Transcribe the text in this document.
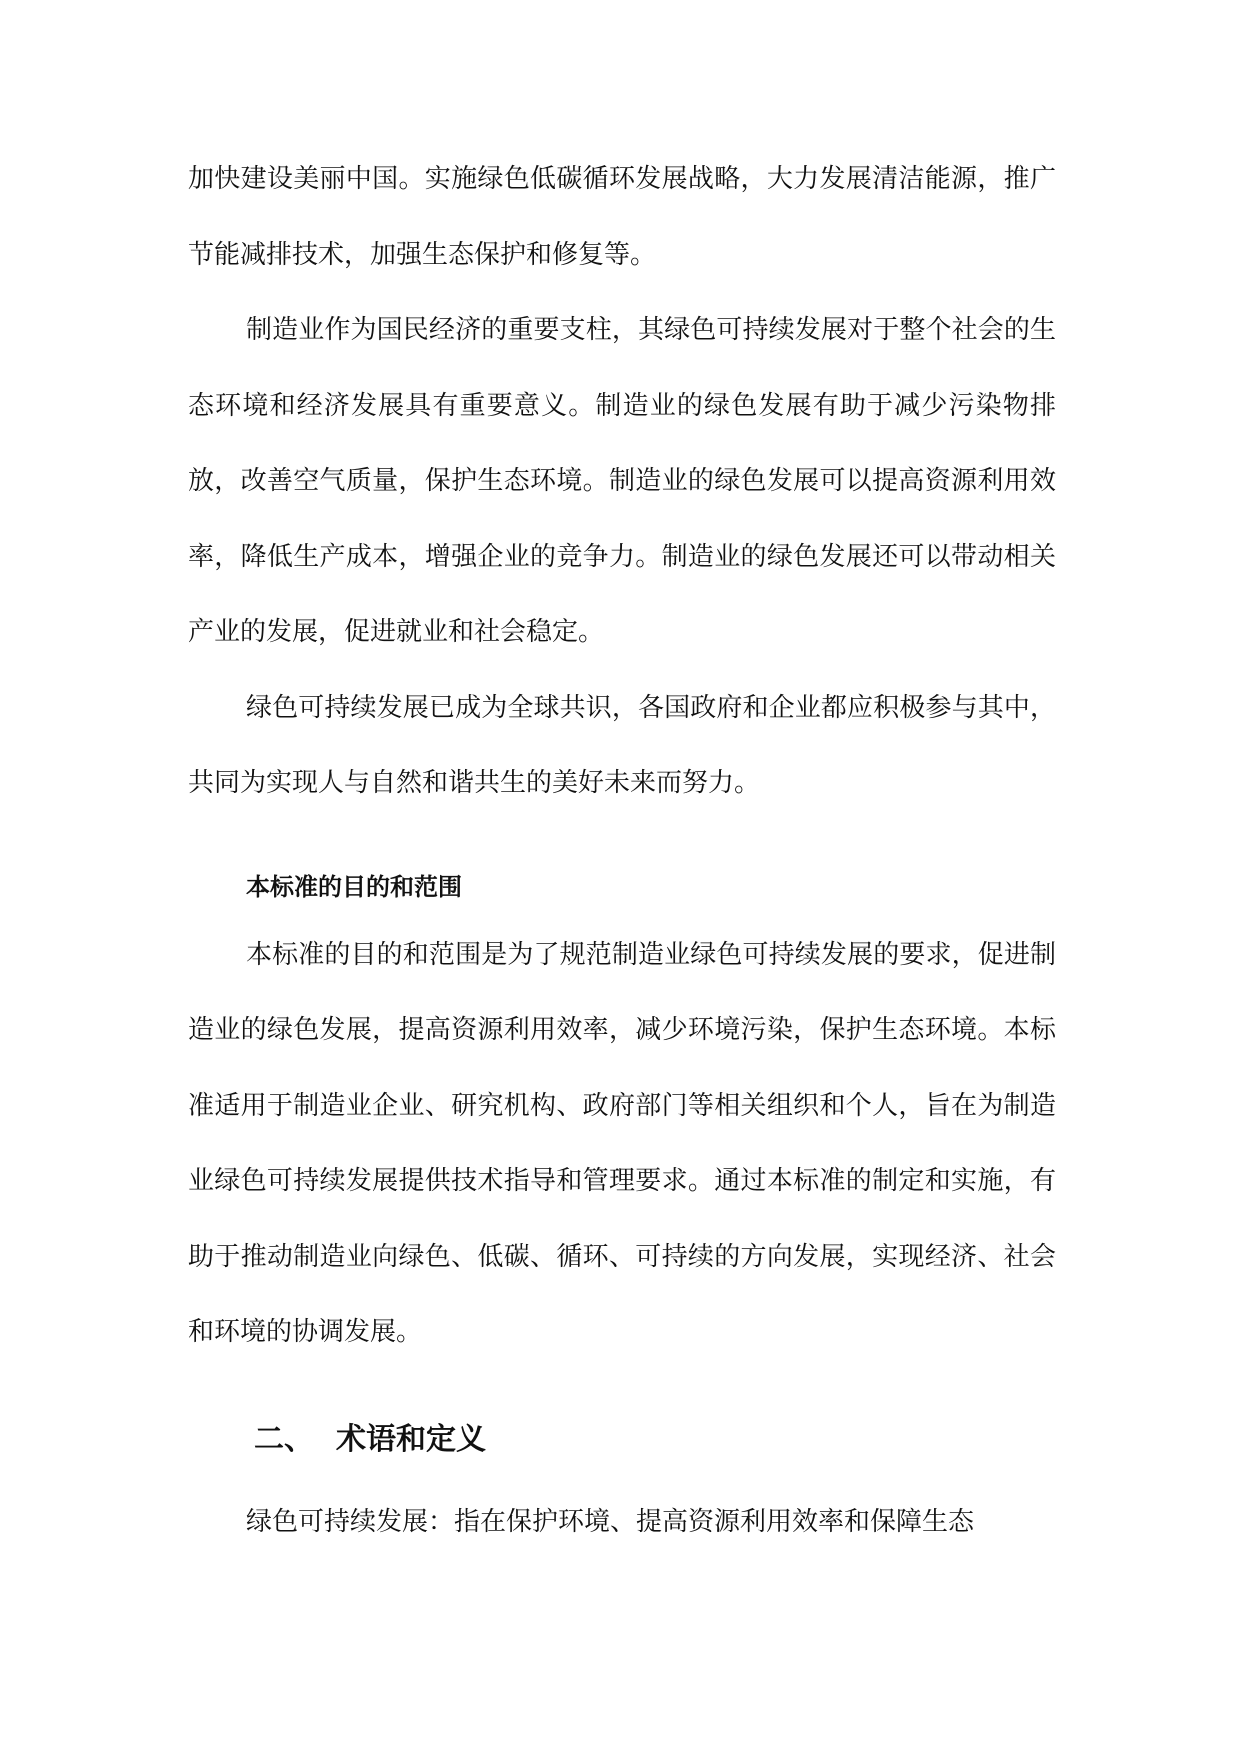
加快建设美丽中国。实施绿色低碳循环发展战略，大力发展清洁能源，推广节能减排技术，加强生态保护和修复等。

制造业作为国民经济的重要支柱，其绿色可持续发展对于整个社会的生态环境和经济发展具有重要意义。制造业的绿色发展有助于减少污染物排放，改善空气质量，保护生态环境。制造业的绿色发展可以提高资源利用效率，降低生产成本，增强企业的竞争力。制造业的绿色发展还可以带动相关产业的发展，促进就业和社会稳定。

绿色可持续发展已成为全球共识，各国政府和企业都应积极参与其中，共同为实现人与自然和谐共生的美好未来而努力。

本标准的目的和范围

本标准的目的和范围是为了规范制造业绿色可持续发展的要求，促进制造业的绿色发展，提高资源利用效率，减少环境污染，保护生态环境。本标准适用于制造业企业、研究机构、政府部门等相关组织和个人，旨在为制造业绿色可持续发展提供技术指导和管理要求。通过本标准的制定和实施，有助于推动制造业向绿色、低碳、循环、可持续的方向发展，实现经济、社会和环境的协调发展。

二、 术语和定义

绿色可持续发展：指在保护环境、提高资源利用效率和保障生态
